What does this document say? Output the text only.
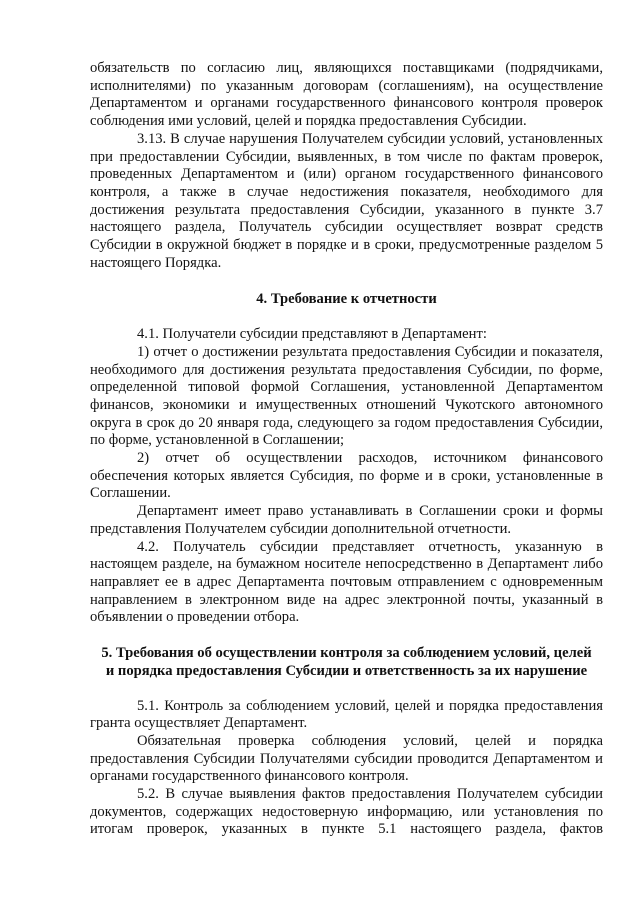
обязательств по согласию лиц, являющихся поставщиками (подрядчиками, исполнителями) по указанным договорам (соглашениям), на осуществление Департаментом и органами государственного финансового контроля проверок соблюдения ими условий, целей и порядка предоставления Субсидии.

3.13. В случае нарушения Получателем субсидии условий, установленных при предоставлении Субсидии, выявленных, в том числе по фактам проверок, проведенных Департаментом и (или) органом государственного финансового контроля, а также в случае недостижения показателя, необходимого для достижения результата предоставления Субсидии, указанного в пункте 3.7 настоящего раздела, Получатель субсидии осуществляет возврат средств Субсидии в окружной бюджет в порядке и в сроки, предусмотренные разделом 5 настоящего Порядка.

4. Требование к отчетности

4.1. Получатели субсидии представляют в Департамент:

1) отчет о достижении результата предоставления Субсидии и показателя, необходимого для достижения результата предоставления Субсидии, по форме, определенной типовой формой Соглашения, установленной Департаментом финансов, экономики и имущественных отношений Чукотского автономного округа в срок до 20 января года, следующего за годом предоставления Субсидии, по форме, установленной в Соглашении;

2) отчет об осуществлении расходов, источником финансового обеспечения которых является Субсидия, по форме и в сроки, установленные в Соглашении.

Департамент имеет право устанавливать в Соглашении сроки и формы представления Получателем субсидии дополнительной отчетности.

4.2. Получатель субсидии представляет отчетность, указанную в настоящем разделе, на бумажном носителе непосредственно в Департамент либо направляет ее в адрес Департамента почтовым отправлением с одновременным направлением в электронном виде на адрес электронной почты, указанный в объявлении о проведении отбора.

5. Требования об осуществлении контроля за соблюдением условий, целей
и порядка предоставления Субсидии и ответственность за их нарушение

5.1. Контроль за соблюдением условий, целей и порядка предоставления гранта осуществляет Департамент.

Обязательная проверка соблюдения условий, целей и порядка предоставления Субсидии Получателями субсидии проводится Департаментом и органами государственного финансового контроля.

5.2. В случае выявления фактов предоставления Получателем субсидии документов, содержащих недостоверную информацию, или установления по итогам проверок, указанных в пункте 5.1 настоящего раздела, фактов
